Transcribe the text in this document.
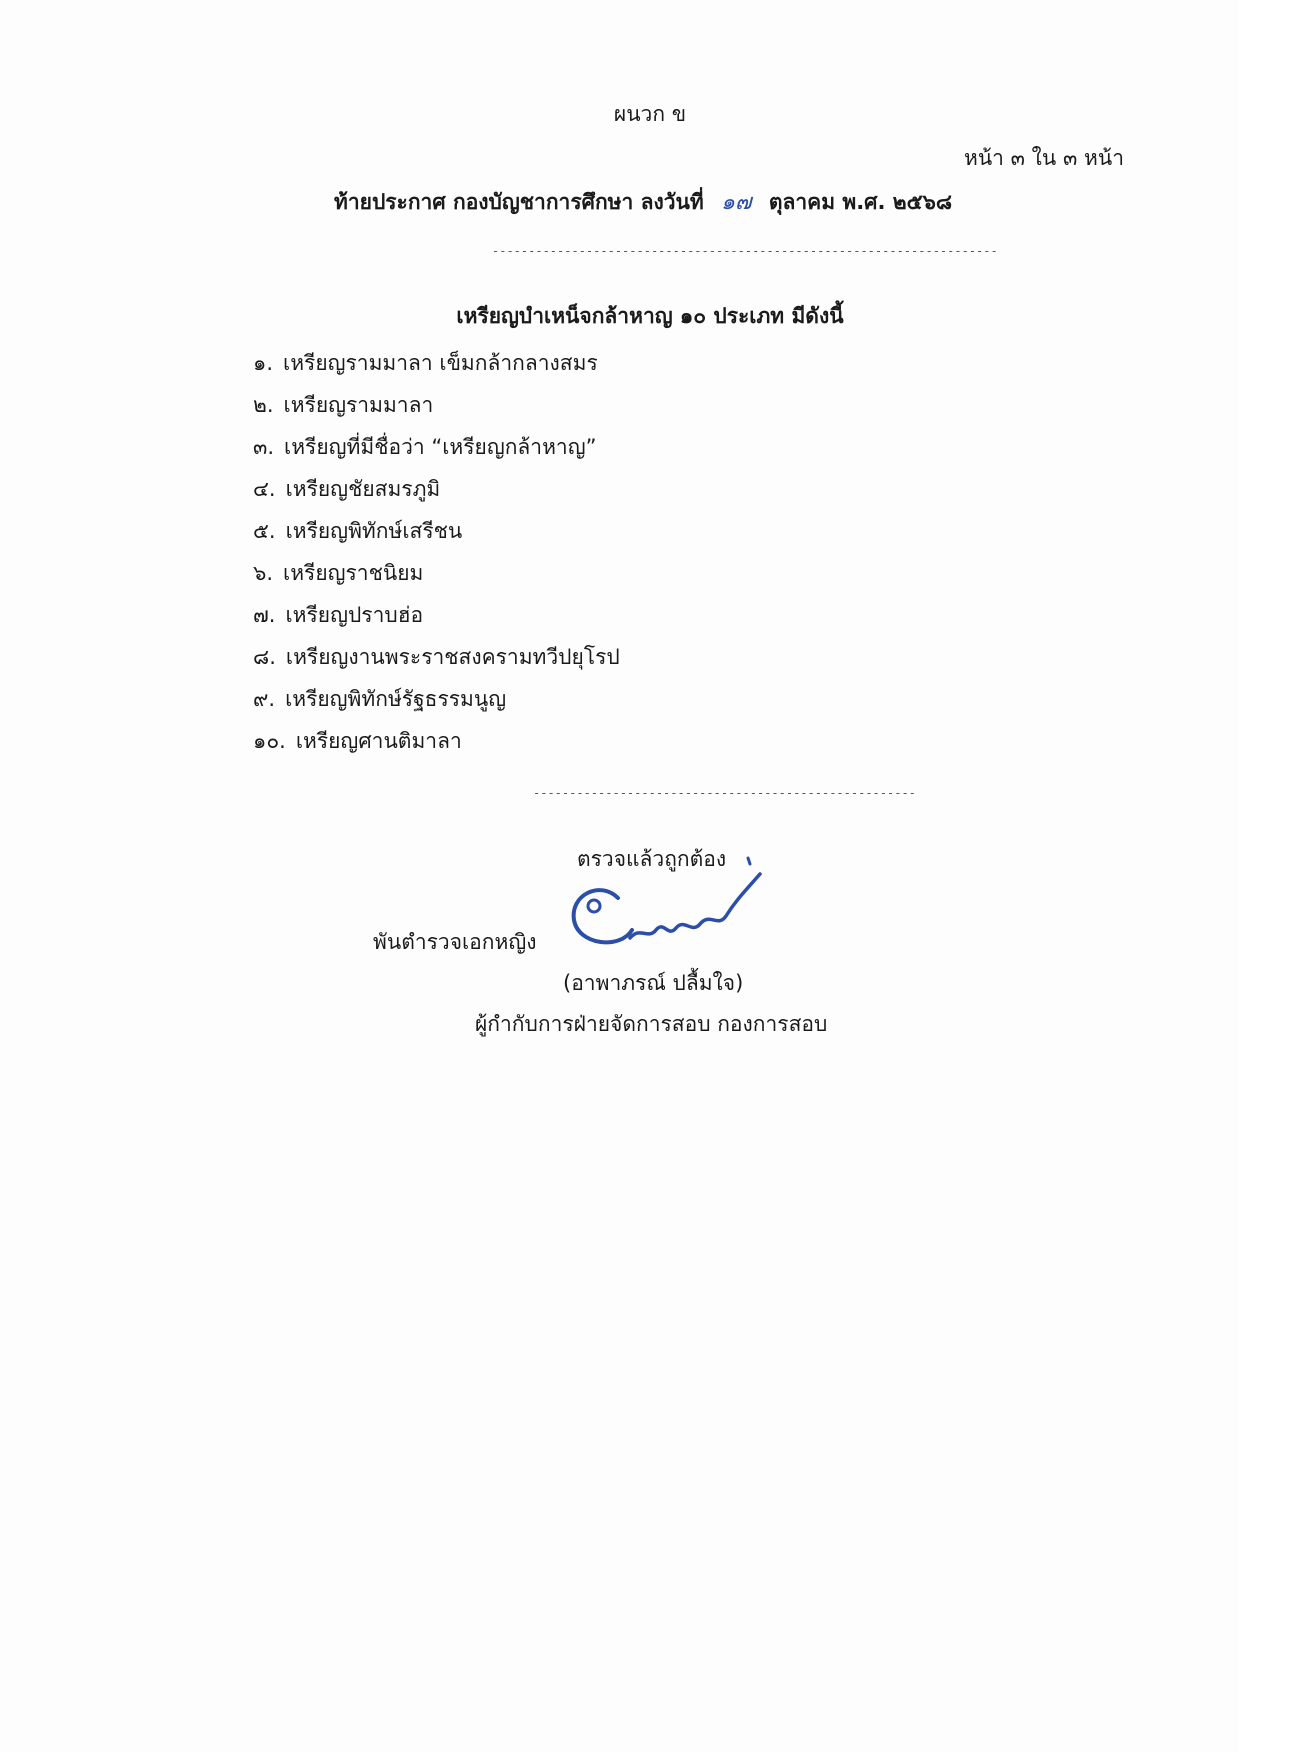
ผนวก ข
หน้า ๓ ใน ๓ หน้า
ท้ายประกาศ กองบัญชาการศึกษา ลงวันที่ ๑๗ ตุลาคม พ.ศ. ๒๕๖๘
----------------------------------------------------------------------
เหรียญบำเหน็จกล้าหาญ ๑๐ ประเภท มีดังนี้
๑. เหรียญรามมาลา เข็มกล้ากลางสมร
๒. เหรียญรามมาลา
๓. เหรียญที่มีชื่อว่า “เหรียญกล้าหาญ”
๔. เหรียญชัยสมรภูมิ
๕. เหรียญพิทักษ์เสรีชน
๖. เหรียญราชนิยม
๗. เหรียญปราบฮ่อ
๘. เหรียญงานพระราชสงครามทวีปยุโรป
๙. เหรียญพิทักษ์รัฐธรรมนูญ
๑๐. เหรียญศานติมาลา
-----------------------------------------------------
ตรวจแล้วถูกต้อง
พันตำรวจเอกหญิง
(อาพาภรณ์ ปลื้มใจ)
ผู้กำกับการฝ่ายจัดการสอบ กองการสอบ
